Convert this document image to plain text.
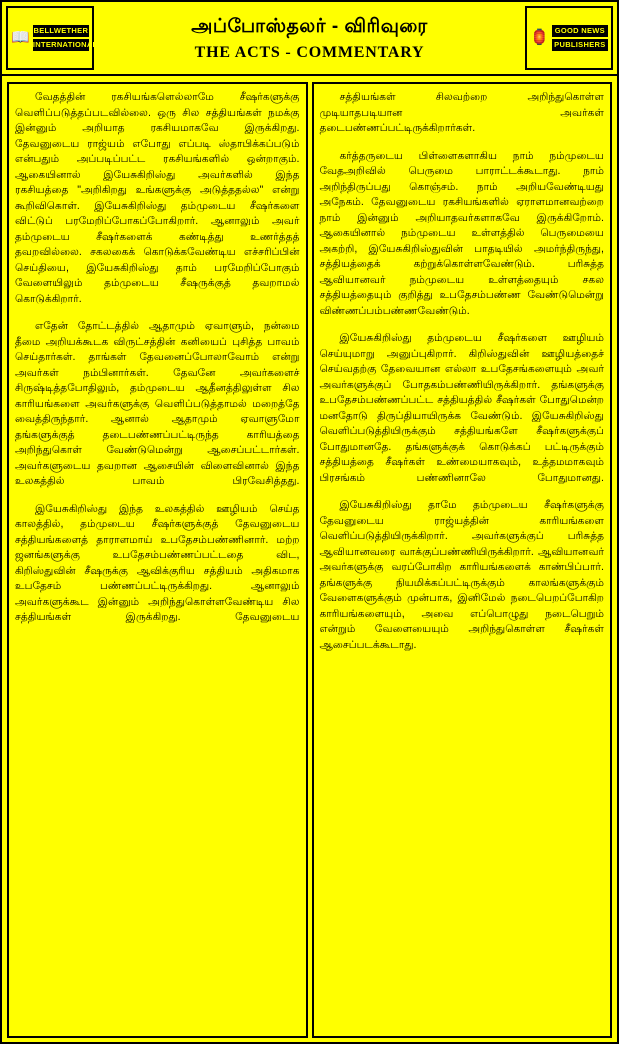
📖 BELLWETHER
INTERNATIONAL
அப்போஸ்தலர் - விரிவுரை
THE ACTS - COMMENTARY
🏮 GOOD NEWS
PUBLISHERS

வேதத்தின் ரகசியங்களெல்லாமே சீஷர்களுக்கு வெளிப்படுத்தப்படவில்லை. ஒரு சில சத்தியங்கள் நமக்கு இன்னும் அறியாத ரகசியமாகவே இருக்கிறது. தேவனுடைய ராஜ்யம் எபோது எப்படி ஸ்தாபிக்கப்படும் என்பதும் அப்படிப்பட்ட ரகசியங்களில் ஒன்றாகும். ஆகையினால் இயேசுகிறிஸ்து அவர்களில் இந்த ரகசியத்தை "அறிகிறது உங்களுக்கு அடுத்ததல்ல" என்று கூறிவிகொள். இயேசுகிறிஸ்து தம்முடைய சீஷர்களை விட்டுப் பரமேறிப்போகப்போகிறார். ஆனாலும் அவர் தம்முடைய சீஷர்களைக் கண்டித்து உணர்த்தத் தவறவில்லை. சகலகைக் கொடுக்கவேண்டிய எச்சரிப்பின் செய்தியை, இயேசுகிறிஸ்து தாம் பரமேறிப்போகும் வேளையிலும் தம்முடைய சீஷருக்குத் தவறாமல் கொடுக்கிறார்.

எதேன் தோட்டத்தில் ஆதாமும் ஏவாளும், நன்மை தீமை அறியக்கூடக விருட்சத்தின் கனியைப் புசித்த பாவம் செய்தார்கள். தாங்கள் தேவனைப்போலாவோம் என்று அவர்கள் நம்பினார்கள். தேவனே அவர்களைச் சிருஷ்டித்தபோதிலும், தம்முடைய ஆதீனத்திலுள்ள சில காரியங்களை அவர்களுக்கு வெளிப்படுத்தாமல் மறைத்தே வைத்திருந்தார். ஆனால் ஆதாமும் ஏவாளுமோ தங்களுக்குத் தடைபண்ணப்பட்டிருந்த காரியத்தை அறிந்துகொள் வேண்டுமென்று ஆசைப்பட்டார்கள். அவர்களுடைய தவறான ஆசையின் விளைவினால் இந்த உலகத்தில் பாவம் பிரவேசித்தது.

இயேசுகிறிஸ்து இந்த உலகத்தில் ஊழியம் செய்த காலத்தில், தம்முடைய சீஷர்களுக்குத் தேவனுடைய சத்தியங்களைத் தாராளமாய் உபதேசம்பண்ணினார். மற்ற ஜனங்களுக்கு உபதேசம்பண்ணப்பட்டதை விட, கிறிஸ்துவின் சீஷருக்கு ஆவிக்குரிய சத்தியம் அதிகமாக உபதேசம் பண்ணப்பட்டிருக்கிறது. ஆனாலும் அவர்களுக்கூட இன்னும் அறிந்துகொள்ளவேண்டிய சில சத்தியங்கள் இருக்கிறது. தேவனுடைய

சத்தியங்கள் சிலவற்றை அறிந்துகொள்ள முடியாதபடியான அவர்கள் தடைபண்ணப்பட்டிருக்கிறார்கள்.

கர்த்தருடைய பிள்ளைகளாகிய நாம் நம்முடைய வேதஅறிவில் பெருமை பாராட்டக்கூடாது. நாம் அறிந்திருப்பது கொஞ்சம். நாம் அறியவேண்டியது அநேகம். தேவனுடைய ரகசியங்களில் ஏராளமானவற்றை நாம் இன்னும் அறியாதவர்களாகவே இருக்கிறோம். ஆகையினால் நம்முடைய உள்ளத்தில் பெருமையை அகற்றி, இயேசுகிறிஸ்துவின் பாதடியில் அமர்ந்திருந்து, சத்தியத்தைக் கற்றுக்கொள்ளவேண்டும். பரிசுத்த ஆவியானவர் நம்முடைய உள்ளத்தையும் சகல சத்தியத்தையும் குறித்து உபதேசம்பண்ண வேண்டுமென்று விண்ணப்பம்பண்ணவேண்டும்.

இயேசுகிறிஸ்து தம்முடைய சீஷர்களை ஊழியம் செய்யுமாறு அனுப்புகிறார். கிறிஸ்துவின் ஊழியத்தைச் செய்வதற்கு தேவையான எல்லா உபதேசங்களையும் அவர் அவர்களுக்குப் போதகம்பண்ணியிருக்கிறார். தங்களுக்கு உபதேசம்பண்ணப்பட்ட சத்தியத்தில் சீஷர்கள் போதுமென்ற மனதோடு திருப்தியாயிருக்க வேண்டும். இயேசுகிறிஸ்து வெளிப்படுத்தியிருக்கும் சத்தியங்களே சீஷர்களுக்குப் போதுமானதே. தங்களுக்குக் கொடுக்கப் பட்டிருக்கும் சத்தியத்தை சீஷர்கள் உண்மையாகவும், உத்தமமாகவும் பிரசங்கம் பண்ணினாலே போதுமானது.

இயேசுகிறிஸ்து தாமே தம்முடைய சீஷர்களுக்கு தேவனுடைய ராஜ்யத்தின் காரியங்களை வெளிப்படுத்தியிருக்கிறார். அவர்களுக்குப் பரிசுத்த ஆவியானவரை வாக்குப்பண்ணியிருக்கிறார். ஆவியானவர் அவர்களுக்கு வரப்போகிற காரியங்களைக் காண்பிப்பார். தங்களுக்கு நியமிக்கப்பட்டிருக்கும் காலங்களுக்கும் வேளைகளுக்கும் முன்பாக, இனிமேல் நடைபெறப்போகிற காரியங்களையும், அவை எப்பொழுது நடைபெறும் என்றும் வேளையையும் அறிந்துகொள்ள சீஷர்கள் ஆசைப்படக்கூடாது.
